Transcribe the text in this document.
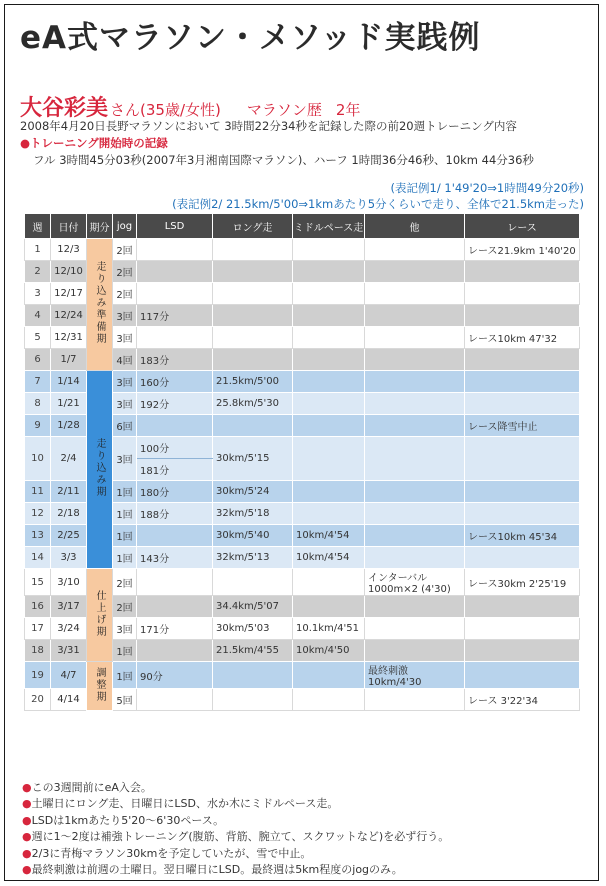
eA式マラソン・メソッド実践例
大谷彩美 さん(35歳/女性) マラソン歴 2年
2008年4月20日長野マラソンにおいて 3時間22分34秒を記録した際の前20週トレーニング内容
●トレーニング開始時の記録
フル 3時間45分03秒(2007年3月湘南国際マラソン)、ハーフ 1時間36分46秒、10km 44分36秒
(表記例1/ 1'49'20⇒1時間49分20秒)
(表記例2/ 21.5km/5'00⇒1kmあたり5分くらいで走り、全体で21.5km走った)
週	日付	期分	jog	LSD	ロング走	ミドルペース走	他	レース
1	12/3	走り込み準備期	2回					レース21.9km 1'40'20
2	12/10		2回					
3	12/17		2回					
4	12/24		3回	117分				
5	12/31		3回					レース10km 47'32
6	1/7		4回	183分				
7	1/14	走り込み期	3回	160分	21.5km/5'00			
8	1/21		3回	192分	25.8km/5'30			
9	1/28		6回					レース降雪中止
10	2/4		3回	100分	30km/5'15			
				181分				
11	2/11		1回	180分	30km/5'24			
12	2/18		1回	188分	32km/5'18			
13	2/25		1回		30km/5'40	10km/4'54		レース10km 45'34
14	3/3		1回	143分	32km/5'13	10km/4'54		
15	3/10	仕上げ期	2回				インターバル
1000m×2 (4'30)	レース30km 2'25'19
16	3/17		2回		34.4km/5'07			
17	3/24		3回	171分	30km/5'03	10.1km/4'51		
18	3/31		1回		21.5km/4'55	10km/4'50		
19	4/7	調整期	1回	90分			最終刺激
10km/4'30	

20	4/14		5回					レース 3'22'34
●この3週間前にeA入会。
●土曜日にロング走、日曜日にLSD、水か木にミドルペース走。
●LSDは1kmあたり5'20〜6'30ペース。
●週に1〜2度は補強トレーニング(腹筋、背筋、腕立て、スクワットなど)を必ず行う。
●2/3に青梅マラソン30kmを予定していたが、雪で中止。
●最終刺激は前週の土曜日。翌日曜日にLSD。最終週は5km程度のjogのみ。
